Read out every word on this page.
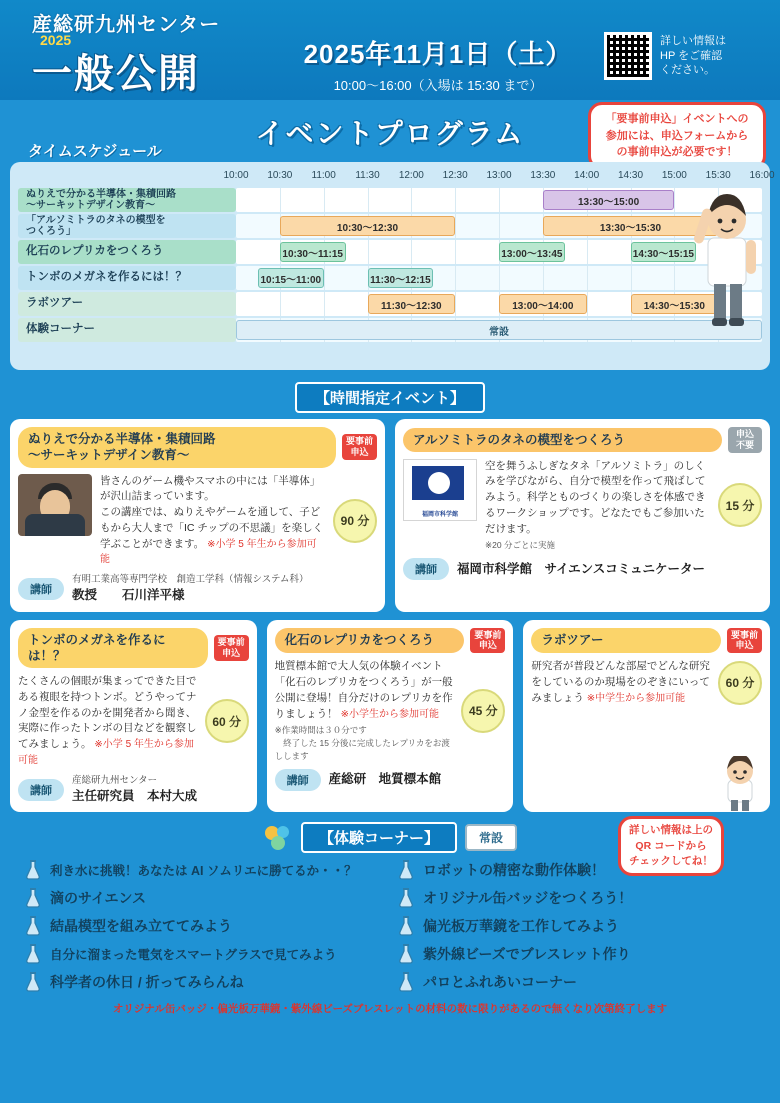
産総研九州センター
2025
一般公開	2025年11月1日（土）
10:00〜16:00（入場は 15:30 まで）
詳しい情報は
HP をご確認
ください。
イベントプログラム	「要事前申込」イベントへの
参加には、申込フォームから
の事前申込が必要です！
タイムスケジュール
10:00 10:30 11:00 11:30 12:00 12:30 13:00 13:30 14:00 14:30 15:00 15:30 16:00
ぬりえで分かる半導体・集積回路
〜サーキットデザイン教育〜	13:30〜15:00
「アルソミトラのタネの模型を
つくろう」	10:30〜12:30	13:30〜15:30
化石のレプリカをつくろう	10:30〜11:15	13:00〜13:45	14:30〜15:15
トンボのメガネを作るには！？	10:15〜11:00	11:30〜12:15
ラボツアー	11:30〜12:30	13:00〜14:00	14:30〜15:30
体験コーナー	常設
【時間指定イベント】
ぬりえで分かる半導体・集積回路
〜サーキットデザイン教育〜
要事前
申込
皆さんのゲーム機やスマホの中には「半導体」が沢山詰まっています。
この講座では、ぬりえやゲームを通して、子どもから大人まで「IC チップの不思議」を楽しく学ぶことができます。 ※小学 5 年生から参加可能
90 分
講師
有明工業高等専門学校　創造工学科（情報システム科）
教授　　石川洋平様
アルソミトラのタネの模型をつくろう	申込
不要
福岡市科学館
空を舞うふしぎなタネ「アルソミトラ」のしくみを学びながら、自分で模型を作って飛ばしてみよう。科学とものづくりの楽しさを体感できるワークショップです。どなたでもご参加いただけます。
※20 分ごとに実施
15 分
講師	福岡市科学館　サイエンスコミュニケーター
トンボのメガネを作るには！？
要事前
申込
たくさんの個眼が集まってできた目である複眼を持つトンボ。どうやってナノ金型を作るのかを開発者から聞き、実際に作ったトンボの目などを観察してみましょう。 ※小学 5 年生から参加可能
60 分
講師
産総研九州センター
主任研究員　本村大成
化石のレプリカをつくろう	要事前
申込
地質標本館で大人気の体験イベント「化石のレプリカをつくろう」が一般公開に登場！自分だけのレプリカを作りましょう！ ※小学生から参加可能
※作業時間は３０分です
　終了した 15 分後に完成したレプリカをお渡しします
45 分
講師	産総研　地質標本館
ラボツアー	要事前
申込
研究者が普段どんな部屋でどんな研究をしているのか現場をのぞきにいってみましょう ※中学生から参加可能
60 分
【体験コーナー】	常設
詳しい情報は上の
QR コードから
チェックしてね！
利き水に挑戦！あなたは AI ソムリエに勝てるか・・？	ロボットの精密な動作体験！
滴のサイエンス	オリジナル缶バッジをつくろう！
結晶模型を組み立ててみよう	偏光板万華鏡を工作してみよう
自分に溜まった電気をスマートグラスで見てみよう	紫外線ビーズでブレスレット作り
科学者の休日 / 折ってみらんね	パロとふれあいコーナー
オリジナル缶バッジ・偏光板万華鏡・紫外線ビーズブレスレットの材料の数に限りがあるので無くなり次第終了します
